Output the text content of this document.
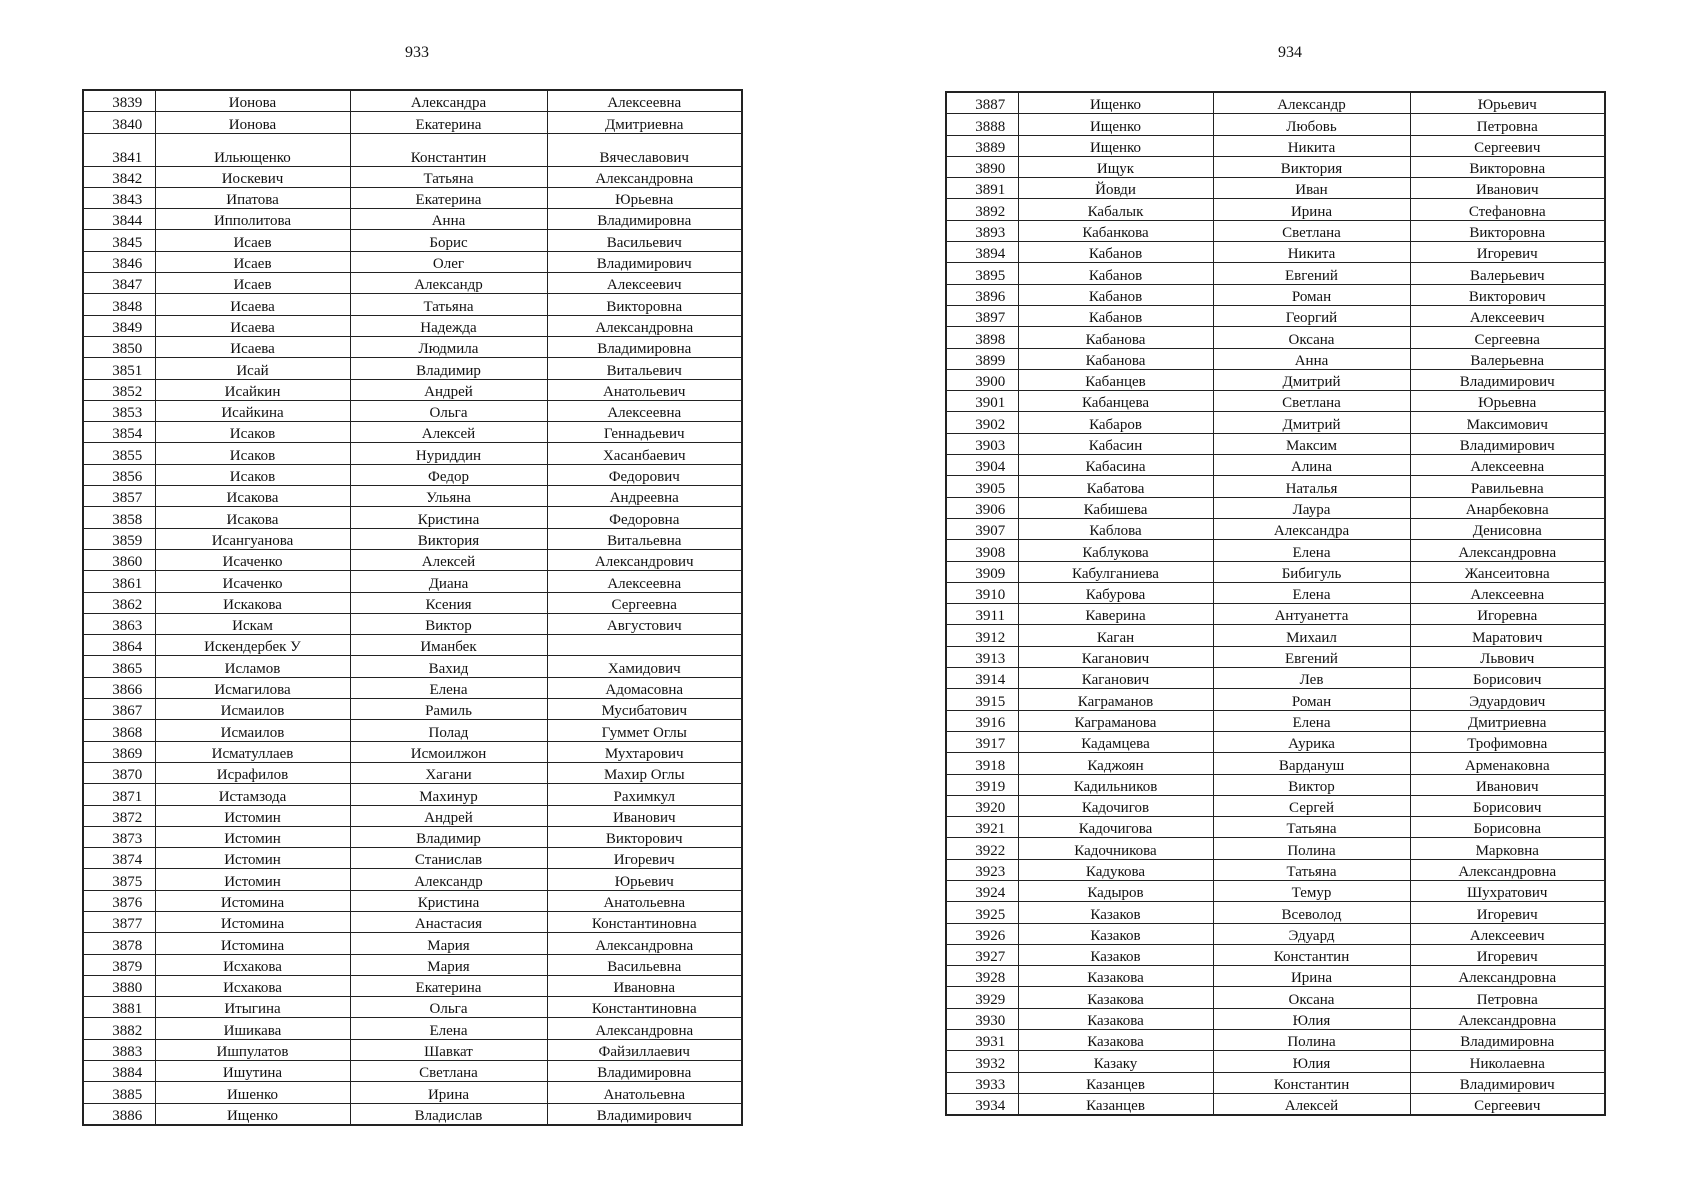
933
3839	Ионова	Александра	Алексеевна
3840	Ионова	Екатерина	Дмитриевна
3841	Ильющенко	Константин	Вячеславович
3842	Иоскевич	Татьяна	Александровна
3843	Ипатова	Екатерина	Юрьевна
3844	Ипполитова	Анна	Владимировна
3845	Исаев	Борис	Васильевич
3846	Исаев	Олег	Владимирович
3847	Исаев	Александр	Алексеевич
3848	Исаева	Татьяна	Викторовна
3849	Исаева	Надежда	Александровна
3850	Исаева	Людмила	Владимировна
3851	Исай	Владимир	Витальевич
3852	Исайкин	Андрей	Анатольевич
3853	Исайкина	Ольга	Алексеевна
3854	Исаков	Алексей	Геннадьевич
3855	Исаков	Нуриддин	Хасанбаевич
3856	Исаков	Федор	Федорович
3857	Исакова	Ульяна	Андреевна
3858	Исакова	Кристина	Федоровна
3859	Исангуанова	Виктория	Витальевна
3860	Исаченко	Алексей	Александрович
3861	Исаченко	Диана	Алексеевна
3862	Искакова	Ксения	Сергеевна
3863	Искам	Виктор	Августович
3864	Искендербек У	Иманбек	
3865	Исламов	Вахид	Хамидович
3866	Исмагилова	Елена	Адомасовна
3867	Исмаилов	Рамиль	Мусибатович
3868	Исмаилов	Полад	Гуммет Оглы
3869	Исматуллаев	Исмоилжон	Мухтарович
3870	Исрафилов	Хагани	Махир Оглы
3871	Истамзода	Махинур	Рахимкул
3872	Истомин	Андрей	Иванович
3873	Истомин	Владимир	Викторович
3874	Истомин	Станислав	Игоревич
3875	Истомин	Александр	Юрьевич
3876	Истомина	Кристина	Анатольевна
3877	Истомина	Анастасия	Константиновна
3878	Истомина	Мария	Александровна
3879	Исхакова	Мария	Васильевна
3880	Исхакова	Екатерина	Ивановна
3881	Итыгина	Ольга	Константиновна
3882	Ишикава	Елена	Александровна
3883	Ишпулатов	Шавкат	Файзиллаевич
3884	Ишутина	Светлана	Владимировна
3885	Ишенко	Ирина	Анатольевна
3886	Ищенко	Владислав	Владимирович
934
3887	Ищенко	Александр	Юрьевич
3888	Ищенко	Любовь	Петровна
3889	Ищенко	Никита	Сергеевич
3890	Ищук	Виктория	Викторовна
3891	Йовди	Иван	Иванович
3892	Кабалык	Ирина	Стефановна
3893	Кабанкова	Светлана	Викторовна
3894	Кабанов	Никита	Игоревич
3895	Кабанов	Евгений	Валерьевич
3896	Кабанов	Роман	Викторович
3897	Кабанов	Георгий	Алексеевич
3898	Кабанова	Оксана	Сергеевна
3899	Кабанова	Анна	Валерьевна
3900	Кабанцев	Дмитрий	Владимирович
3901	Кабанцева	Светлана	Юрьевна
3902	Кабаров	Дмитрий	Максимович
3903	Кабасин	Максим	Владимирович
3904	Кабасина	Алина	Алексеевна
3905	Кабатова	Наталья	Равильевна
3906	Кабишева	Лаура	Анарбековна
3907	Каблова	Александра	Денисовна
3908	Каблукова	Елена	Александровна
3909	Кабулганиева	Бибигуль	Жансеитовна
3910	Кабурова	Елена	Алексеевна
3911	Каверина	Антуанетта	Игоревна
3912	Каган	Михаил	Маратович
3913	Каганович	Евгений	Львович
3914	Каганович	Лев	Борисович
3915	Каграманов	Роман	Эдуардович
3916	Каграманова	Елена	Дмитриевна
3917	Кадамцева	Аурика	Трофимовна
3918	Каджоян	Вардануш	Арменаковна
3919	Кадильников	Виктор	Иванович
3920	Кадочигов	Сергей	Борисович
3921	Кадочигова	Татьяна	Борисовна
3922	Кадочникова	Полина	Марковна
3923	Кадукова	Татьяна	Александровна
3924	Кадыров	Темур	Шухратович
3925	Казаков	Всеволод	Игоревич
3926	Казаков	Эдуард	Алексеевич
3927	Казаков	Константин	Игоревич
3928	Казакова	Ирина	Александровна
3929	Казакова	Оксана	Петровна
3930	Казакова	Юлия	Александровна
3931	Казакова	Полина	Владимировна
3932	Казаку	Юлия	Николаевна
3933	Казанцев	Константин	Владимирович
3934	Казанцев	Алексей	Сергеевич
